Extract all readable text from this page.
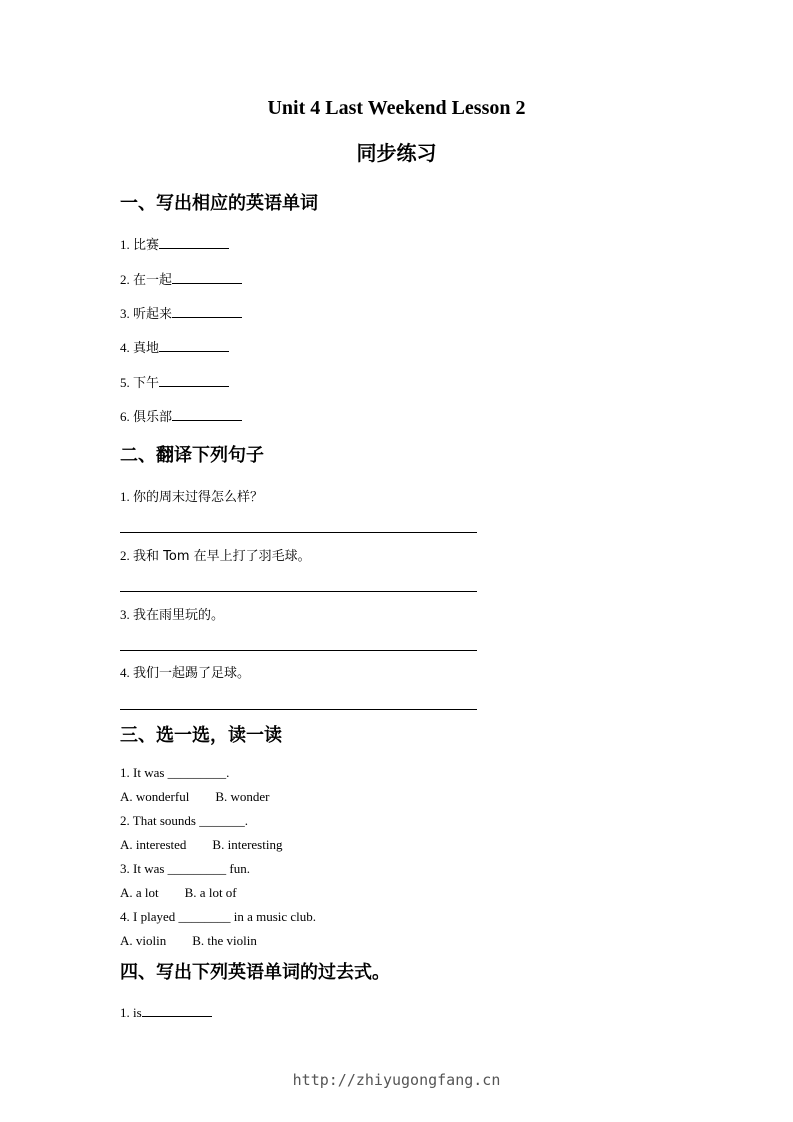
Unit 4 Last Weekend Lesson 2
同步练习
一、写出相应的英语单词
1. 比赛
2. 在一起
3. 听起来
4. 真地
5. 下午
6. 俱乐部
二、翻译下列句子
1. 你的周末过得怎么样？
2. 我和 Tom 在早上打了羽毛球。
3. 我在雨里玩的。
4. 我们一起踢了足球。
三、选一选，读一读
1. It was _________.
A. wonderful B. wonder
2. That sounds _______.
A. interested B. interesting
3. It was _________ fun.
A. a lot B. a lot of
4. I played ________ in a music club.
A. violin B. the violin
四、写出下列英语单词的过去式。
1. is
http://zhiyugongfang.cn
